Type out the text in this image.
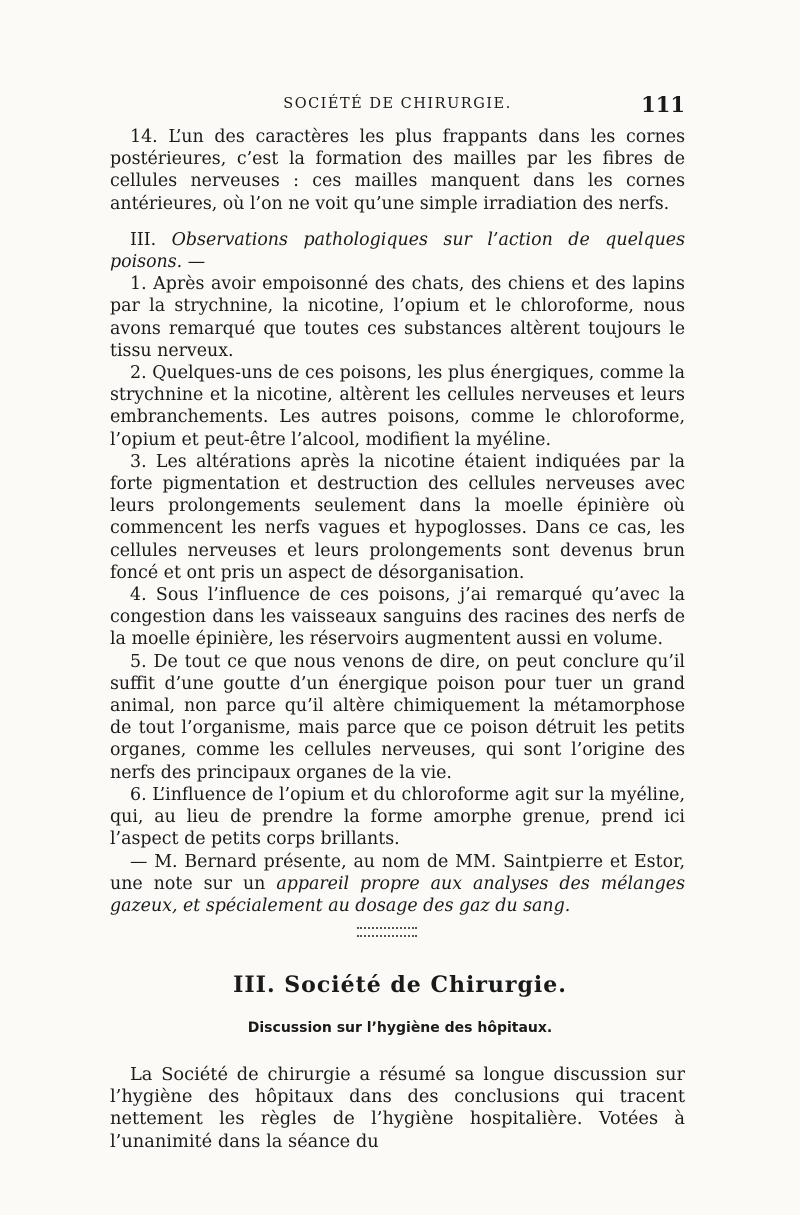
SOCIÉTÉ DE CHIRURGIE.	111

14. L’un des caractères les plus frappants dans les cornes postérieures, c’est la formation des mailles par les fibres de cellules nerveuses : ces mailles manquent dans les cornes antérieures, où l’on ne voit qu’une simple irradiation des nerfs.

III. Observations pathologiques sur l’action de quelques poisons. —

1. Après avoir empoisonné des chats, des chiens et des lapins par la strychnine, la nicotine, l’opium et le chloroforme, nous avons remarqué que toutes ces substances altèrent toujours le tissu nerveux.

2. Quelques-uns de ces poisons, les plus énergiques, comme la strychnine et la nicotine, altèrent les cellules nerveuses et leurs embranchements. Les autres poisons, comme le chloroforme, l’opium et peut-être l’alcool, modifient la myéline.

3. Les altérations après la nicotine étaient indiquées par la forte pigmentation et destruction des cellules nerveuses avec leurs prolongements seulement dans la moelle épinière où commencent les nerfs vagues et hypoglosses. Dans ce cas, les cellules nerveuses et leurs prolongements sont devenus brun foncé et ont pris un aspect de désorganisation.

4. Sous l’influence de ces poisons, j’ai remarqué qu’avec la congestion dans les vaisseaux sanguins des racines des nerfs de la moelle épinière, les réservoirs augmentent aussi en volume.

5. De tout ce que nous venons de dire, on peut conclure qu’il suffit d’une goutte d’un énergique poison pour tuer un grand animal, non parce qu’il altère chimiquement la métamorphose de tout l’organisme, mais parce que ce poison détruit les petits organes, comme les cellules nerveuses, qui sont l’origine des nerfs des principaux organes de la vie.

6. L’influence de l’opium et du chloroforme agit sur la myéline, qui, au lieu de prendre la forme amorphe grenue, prend ici l’aspect de petits corps brillants.

— M. Bernard présente, au nom de MM. Saintpierre et Estor, une note sur un appareil propre aux analyses des mélanges gazeux, et spécialement au dosage des gaz du sang.

III. Société de Chirurgie.
Discussion sur l’hygiène des hôpitaux.

La Société de chirurgie a résumé sa longue discussion sur l’hygiène des hôpitaux dans des conclusions qui tracent nettement les règles de l’hygiène hospitalière. Votées à l’unanimité dans la séance du
